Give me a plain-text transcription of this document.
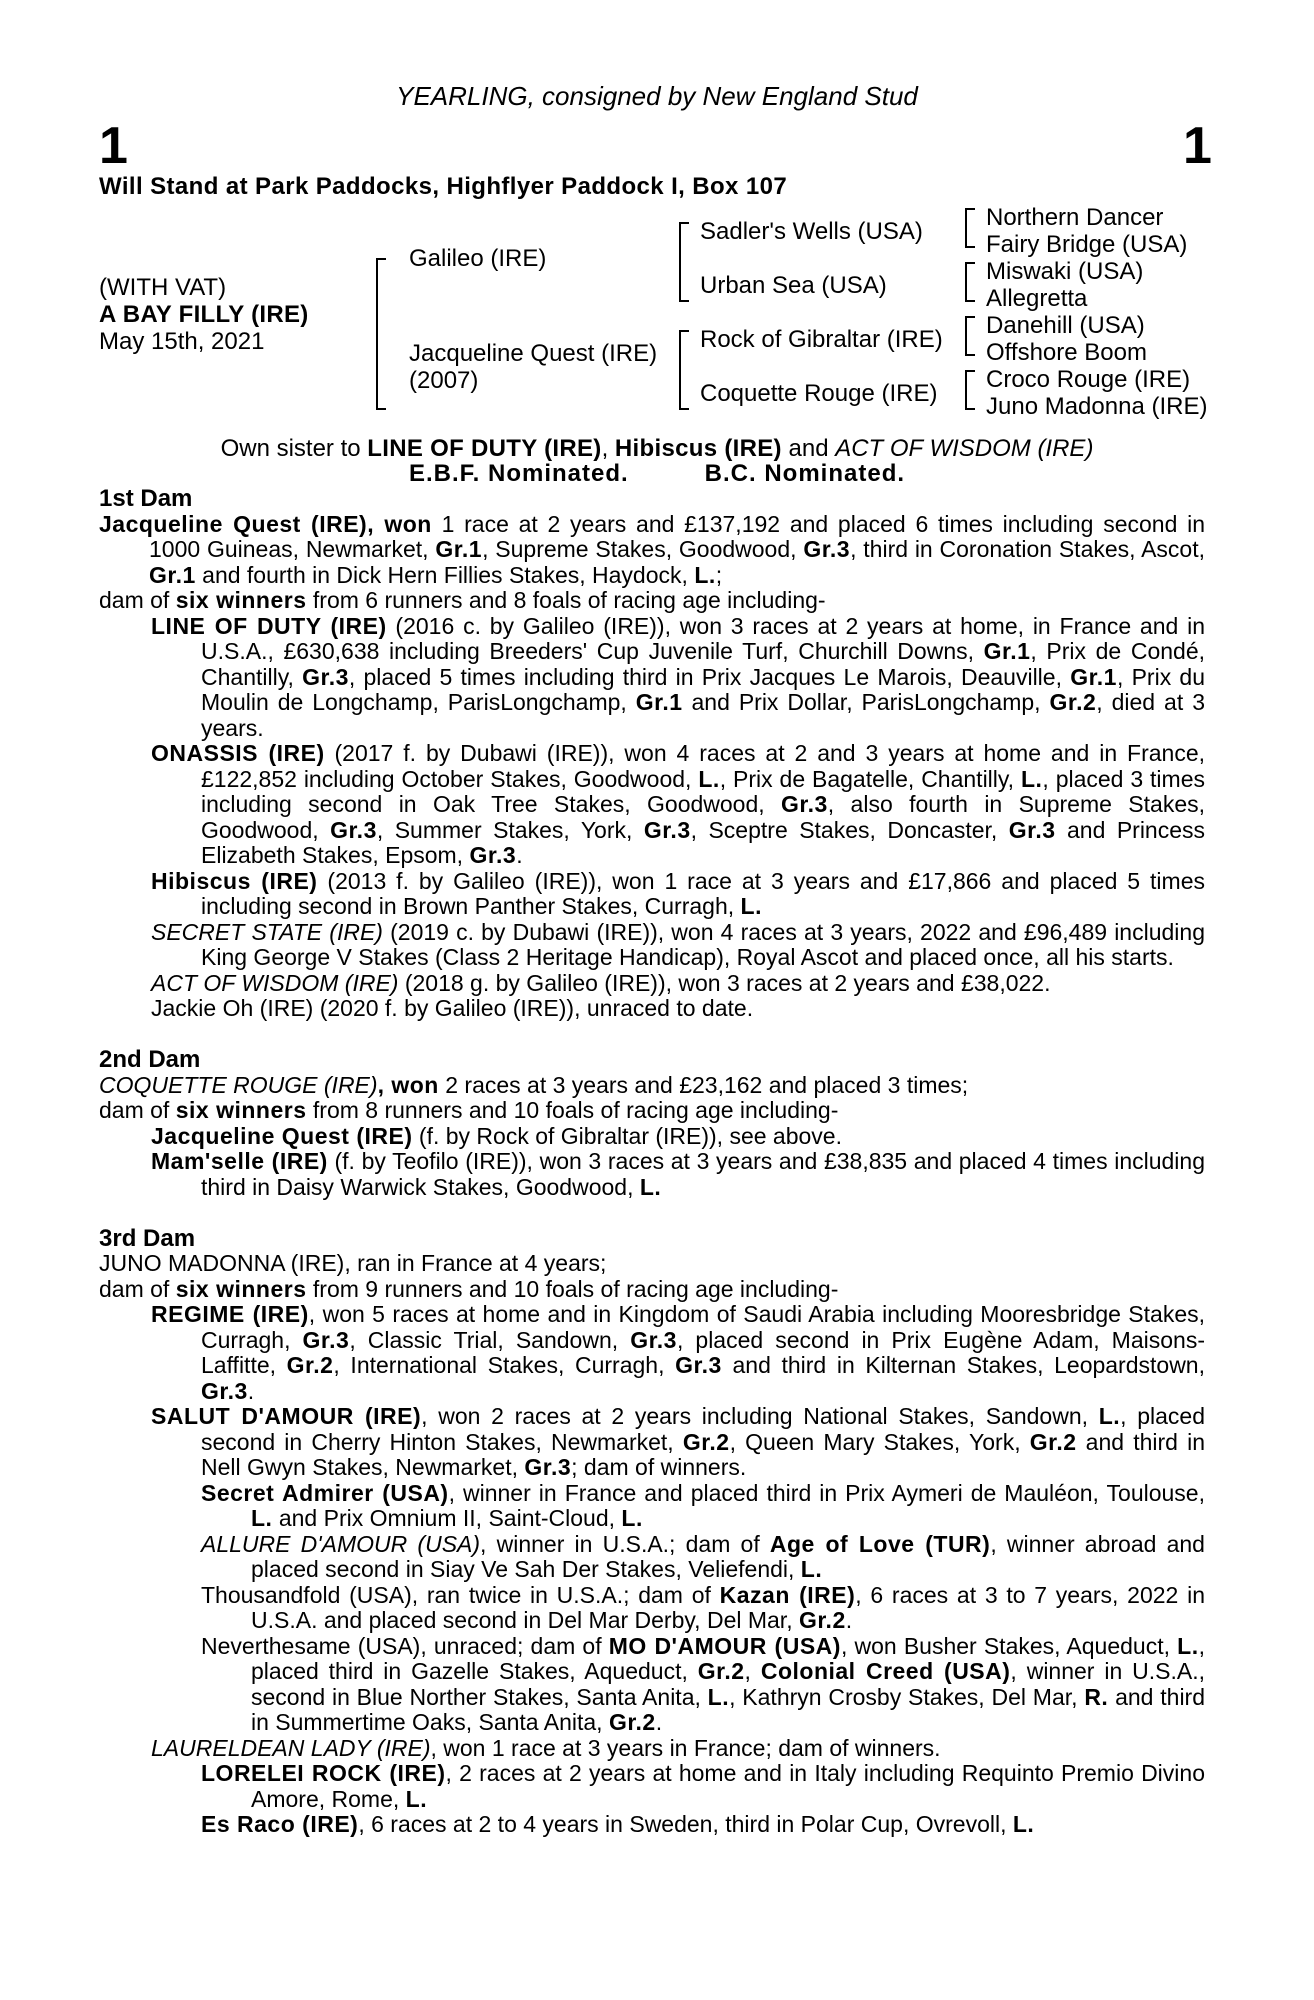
YEARLING, consigned by New England Stud
1	1
Will Stand at Park Paddocks, Highflyer Paddock I, Box 107
(WITH VAT)
A BAY FILLY (IRE)
May 15th, 2021
Galileo (IRE)
Jacqueline Quest (IRE)
(2007)
Sadler's Wells (USA)
Urban Sea (USA)
Rock of Gibraltar (IRE)
Coquette Rouge (IRE)
Northern Dancer
Fairy Bridge (USA)
Miswaki (USA)
Allegretta
Danehill (USA)
Offshore Boom
Croco Rouge (IRE)
Juno Madonna (IRE)
Own sister to LINE OF DUTY (IRE), Hibiscus (IRE) and ACT OF WISDOM (IRE)
E.B.F. Nominated.	B.C. Nominated.
1st Dam
Jacqueline Quest (IRE), won 1 race at 2 years and £137,192 and placed 6 times including second in 1000 Guineas, Newmarket, Gr.1, Supreme Stakes, Goodwood, Gr.3, third in Coronation Stakes, Ascot, Gr.1 and fourth in Dick Hern Fillies Stakes, Haydock, L.;
dam of six winners from 6 runners and 8 foals of racing age including-
LINE OF DUTY (IRE) (2016 c. by Galileo (IRE)), won 3 races at 2 years at home, in France and in U.S.A., £630,638 including Breeders' Cup Juvenile Turf, Churchill Downs, Gr.1, Prix de Condé, Chantilly, Gr.3, placed 5 times including third in Prix Jacques Le Marois, Deauville, Gr.1, Prix du Moulin de Longchamp, ParisLongchamp, Gr.1 and Prix Dollar, ParisLongchamp, Gr.2, died at 3 years.
ONASSIS (IRE) (2017 f. by Dubawi (IRE)), won 4 races at 2 and 3 years at home and in France, £122,852 including October Stakes, Goodwood, L., Prix de Bagatelle, Chantilly, L., placed 3 times including second in Oak Tree Stakes, Goodwood, Gr.3, also fourth in Supreme Stakes, Goodwood, Gr.3, Summer Stakes, York, Gr.3, Sceptre Stakes, Doncaster, Gr.3 and Princess Elizabeth Stakes, Epsom, Gr.3.
Hibiscus (IRE) (2013 f. by Galileo (IRE)), won 1 race at 3 years and £17,866 and placed 5 times including second in Brown Panther Stakes, Curragh, L.
SECRET STATE (IRE) (2019 c. by Dubawi (IRE)), won 4 races at 3 years, 2022 and £96,489 including King George V Stakes (Class 2 Heritage Handicap), Royal Ascot and placed once, all his starts.
ACT OF WISDOM (IRE) (2018 g. by Galileo (IRE)), won 3 races at 2 years and £38,022.
Jackie Oh (IRE) (2020 f. by Galileo (IRE)), unraced to date.
2nd Dam
COQUETTE ROUGE (IRE), won 2 races at 3 years and £23,162 and placed 3 times;
dam of six winners from 8 runners and 10 foals of racing age including-
Jacqueline Quest (IRE) (f. by Rock of Gibraltar (IRE)), see above.
Mam'selle (IRE) (f. by Teofilo (IRE)), won 3 races at 3 years and £38,835 and placed 4 times including third in Daisy Warwick Stakes, Goodwood, L.
3rd Dam
JUNO MADONNA (IRE), ran in France at 4 years;
dam of six winners from 9 runners and 10 foals of racing age including-
REGIME (IRE), won 5 races at home and in Kingdom of Saudi Arabia including Mooresbridge Stakes, Curragh, Gr.3, Classic Trial, Sandown, Gr.3, placed second in Prix Eugène Adam, Maisons-Laffitte, Gr.2, International Stakes, Curragh, Gr.3 and third in Kilternan Stakes, Leopardstown, Gr.3.
SALUT D'AMOUR (IRE), won 2 races at 2 years including National Stakes, Sandown, L., placed second in Cherry Hinton Stakes, Newmarket, Gr.2, Queen Mary Stakes, York, Gr.2 and third in Nell Gwyn Stakes, Newmarket, Gr.3; dam of winners.
Secret Admirer (USA), winner in France and placed third in Prix Aymeri de Mauléon, Toulouse, L. and Prix Omnium II, Saint-Cloud, L.
ALLURE D'AMOUR (USA), winner in U.S.A.; dam of Age of Love (TUR), winner abroad and placed second in Siay Ve Sah Der Stakes, Veliefendi, L.
Thousandfold (USA), ran twice in U.S.A.; dam of Kazan (IRE), 6 races at 3 to 7 years, 2022 in U.S.A. and placed second in Del Mar Derby, Del Mar, Gr.2.
Neverthesame (USA), unraced; dam of MO D'AMOUR (USA), won Busher Stakes, Aqueduct, L., placed third in Gazelle Stakes, Aqueduct, Gr.2, Colonial Creed (USA), winner in U.S.A., second in Blue Norther Stakes, Santa Anita, L., Kathryn Crosby Stakes, Del Mar, R. and third in Summertime Oaks, Santa Anita, Gr.2.
LAURELDEAN LADY (IRE), won 1 race at 3 years in France; dam of winners.
LORELEI ROCK (IRE), 2 races at 2 years at home and in Italy including Requinto Premio Divino Amore, Rome, L.
Es Raco (IRE), 6 races at 2 to 4 years in Sweden, third in Polar Cup, Ovrevoll, L.
